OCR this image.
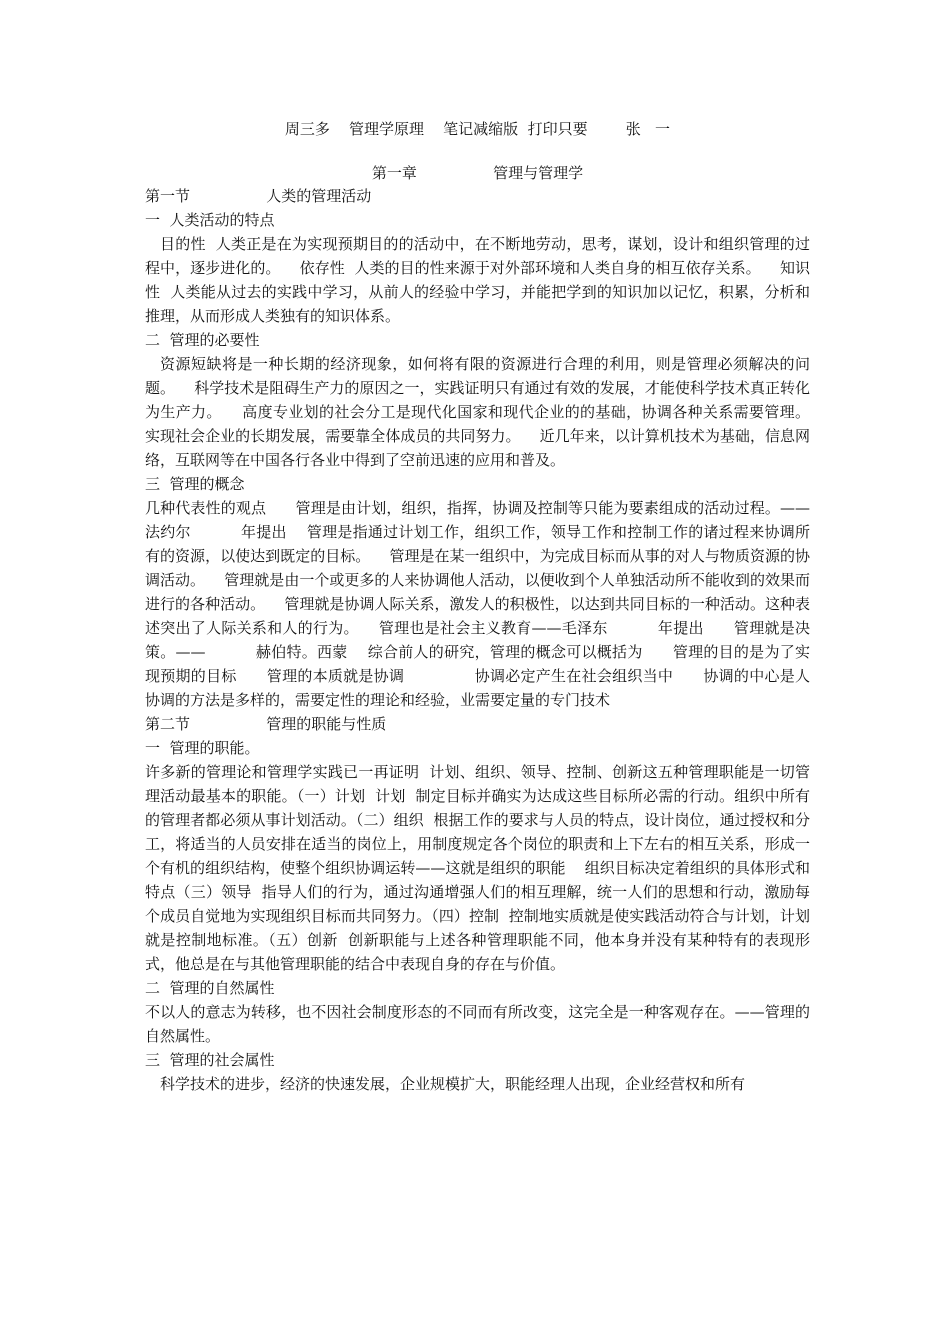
周三多    管理学原理    笔记减缩版  打印只要        张   一

第一章                管理与管理学

第一节                人类的管理活动

一  人类活动的特点

目的性  人类正是在为实现预期目的的活动中，在不断地劳动，思考，谋划，设计和组织管理的过程中，逐步进化的。    依存性  人类的目的性来源于对外部环境和人类自身的相互依存关系。    知识性  人类能从过去的实践中学习，从前人的经验中学习，并能把学到的知识加以记忆，积累，分析和推理，从而形成人类独有的知识体系。

二  管理的必要性

资源短缺将是一种长期的经济现象，如何将有限的资源进行合理的利用，则是管理必须解决的问题。    科学技术是阻碍生产力的原因之一，实践证明只有通过有效的发展，才能使科学技术真正转化为生产力。    高度专业划的社会分工是现代化国家和现代企业的的基础，协调各种关系需要管理。    实现社会企业的长期发展，需要靠全体成员的共同努力。    近几年来，以计算机技术为基础，信息网络，互联网等在中国各行各业中得到了空前迅速的应用和普及。

三  管理的概念

几种代表性的观点      管理是由计划，组织，指挥，协调及控制等只能为要素组成的活动过程。——法约尔          年提出    管理是指通过计划工作，组织工作，领导工作和控制工作的诸过程来协调所有的资源，以使达到既定的目标。    管理是在某一组织中，为完成目标而从事的对人与物质资源的协调活动。    管理就是由一个或更多的人来协调他人活动，以便收到个人单独活动所不能收到的效果而进行的各种活动。    管理就是协调人际关系，激发人的积极性，以达到共同目标的一种活动。这种表述突出了人际关系和人的行为。    管理也是社会主义教育——毛泽东          年提出      管理就是决策。——          赫伯特。西蒙    综合前人的研究，管理的概念可以概括为      管理的目的是为了实现预期的目标      管理的本质就是协调              协调必定产生在社会组织当中      协调的中心是人      协调的方法是多样的，需要定性的理论和经验，业需要定量的专门技术

第二节                管理的职能与性质

一  管理的职能。

许多新的管理论和管理学实践已一再证明  计划、组织、领导、控制、创新这五种管理职能是一切管理活动最基本的职能。（一）计划  计划  制定目标并确实为达成这些目标所必需的行动。组织中所有的管理者都必须从事计划活动。（二）组织  根据工作的要求与人员的特点，设计岗位，通过授权和分工，将适当的人员安排在适当的岗位上，用制度规定各个岗位的职责和上下左右的相互关系，形成一个有机的组织结构，使整个组织协调运转——这就是组织的职能    组织目标决定着组织的具体形式和特点（三）领导  指导人们的行为，通过沟通增强人们的相互理解，统一人们的思想和行动，激励每个成员自觉地为实现组织目标而共同努力。（四）控制  控制地实质就是使实践活动符合与计划，计划就是控制地标准。（五）创新  创新职能与上述各种管理职能不同，他本身并没有某种特有的表现形式，他总是在与其他管理职能的结合中表现自身的存在与价值。

二  管理的自然属性

不以人的意志为转移，也不因社会制度形态的不同而有所改变，这完全是一种客观存在。——管理的自然属性。

三  管理的社会属性

科学技术的进步，经济的快速发展，企业规模扩大，职能经理人出现，企业经营权和所有
